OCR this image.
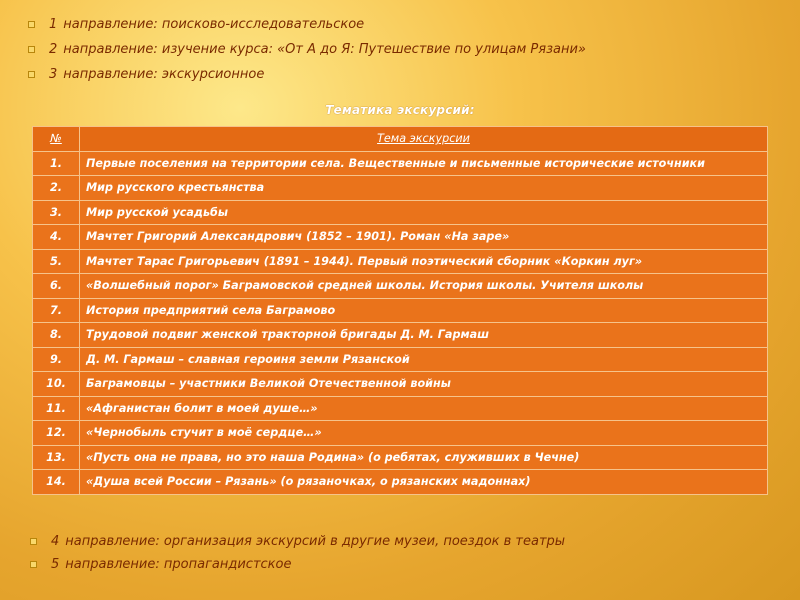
1 направление: поисково-исследовательское
2 направление: изучение курса: «От А до Я: Путешествие по улицам Рязани»
3 направление: экскурсионное
Тематика экскурсий:
№	Тема экскурсии
1.	Первые поселения на территории села. Вещественные и письменные исторические источники
2.	Мир русского крестьянства
3.	Мир русской усадьбы
4.	Мачтет Григорий Александрович (1852 – 1901). Роман «На заре»
5.	Мачтет Тарас Григорьевич (1891 – 1944). Первый поэтический сборник «Коркин луг»
6.	«Волшебный порог» Баграмовской средней школы. История школы. Учителя школы
7.	История предприятий села Баграмово
8.	Трудовой подвиг женской тракторной бригады Д. М. Гармаш
9.	Д. М. Гармаш – славная героиня земли Рязанской
10.	Баграмовцы – участники Великой Отечественной войны
11.	«Афганистан болит в моей душе…»
12.	«Чернобыль стучит в моё сердце…»
13.	«Пусть она не права, но это наша Родина» (о ребятах, служивших в Чечне)
14.	«Душа всей России – Рязань» (о рязаночках, о рязанских мадоннах)
4 направление: организация экскурсий в другие музеи, поездок в театры
5 направление: пропагандистское
